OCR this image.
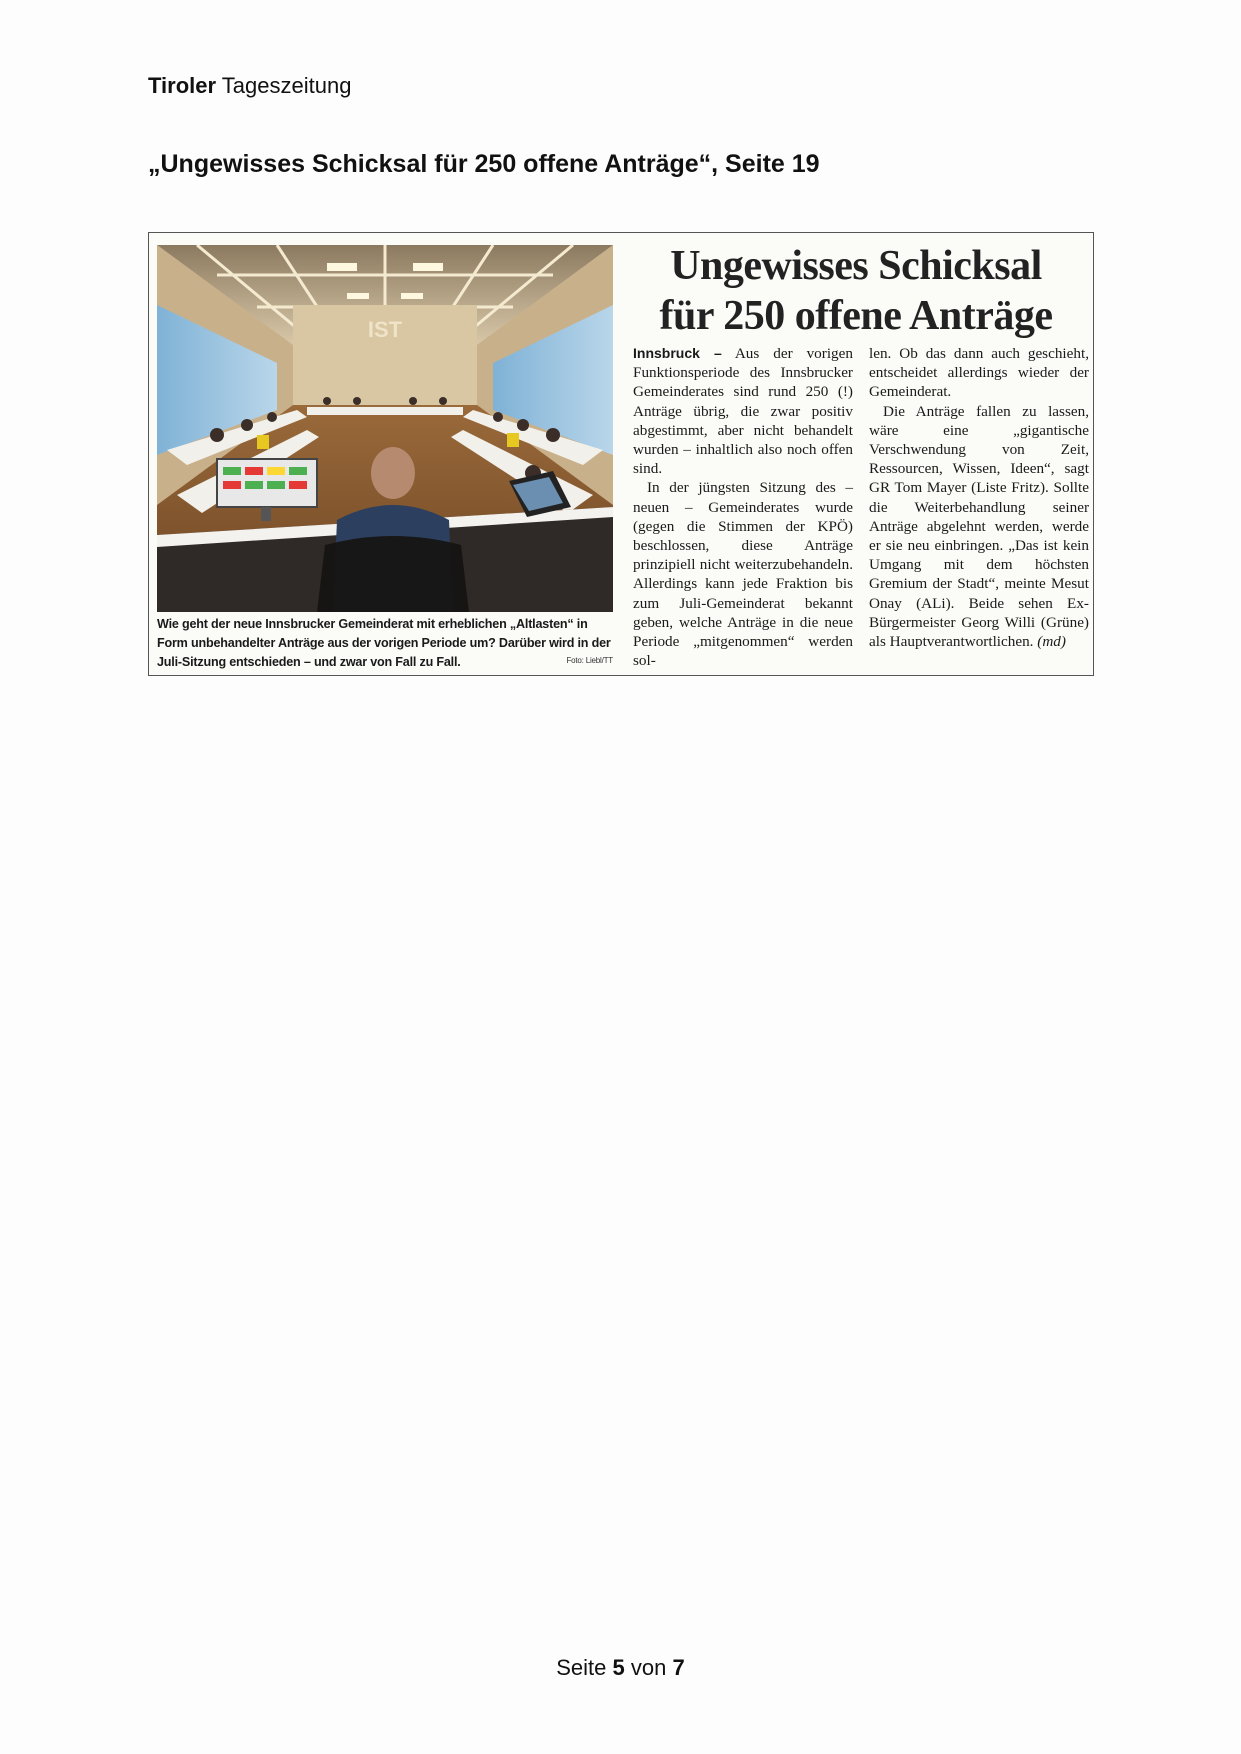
Tiroler Tageszeitung
„Ungewisses Schicksal für 250 offene Anträge“, Seite 19
IST
Wie geht der neue Innsbrucker Gemeinderat mit erheblichen „Altlasten“ in Form unbehandelter Anträge aus der vorigen Periode um? Darüber wird in der Juli-Sitzung entschieden – und zwar von Fall zu Fall.	Foto: Liebl/TT
Ungewisses Schicksal
für 250 offene Anträge

Innsbruck – Aus der vorigen Funktionsperiode des Innsbrucker Gemeinderates sind rund 250 (!) Anträge übrig, die zwar positiv abgestimmt, aber nicht behandelt wurden – inhaltlich also noch offen sind.

In der jüngsten Sitzung des – neuen – Gemeinderates wurde (gegen die Stimmen der KPÖ) beschlossen, diese Anträge prinzipiell nicht weiterzubehandeln. Allerdings kann jede Fraktion bis zum Juli-Gemeinderat bekannt geben, welche Anträge in die neue Periode „mitgenommen“ werden sol-

len. Ob das dann auch geschieht, entscheidet allerdings wieder der Gemeinderat.

Die Anträge fallen zu lassen, wäre eine „gigantische Verschwendung von Zeit, Ressourcen, Wissen, Ideen“, sagt GR Tom Mayer (Liste Fritz). Sollte die Weiterbehandlung seiner Anträge abgelehnt werden, werde er sie neu einbringen. „Das ist kein Umgang mit dem höchsten Gremium der Stadt“, meinte Mesut Onay (ALi). Beide sehen Ex-Bürgermeister Georg Willi (Grüne) als Hauptverantwortlichen. (md)

Seite 5 von 7
